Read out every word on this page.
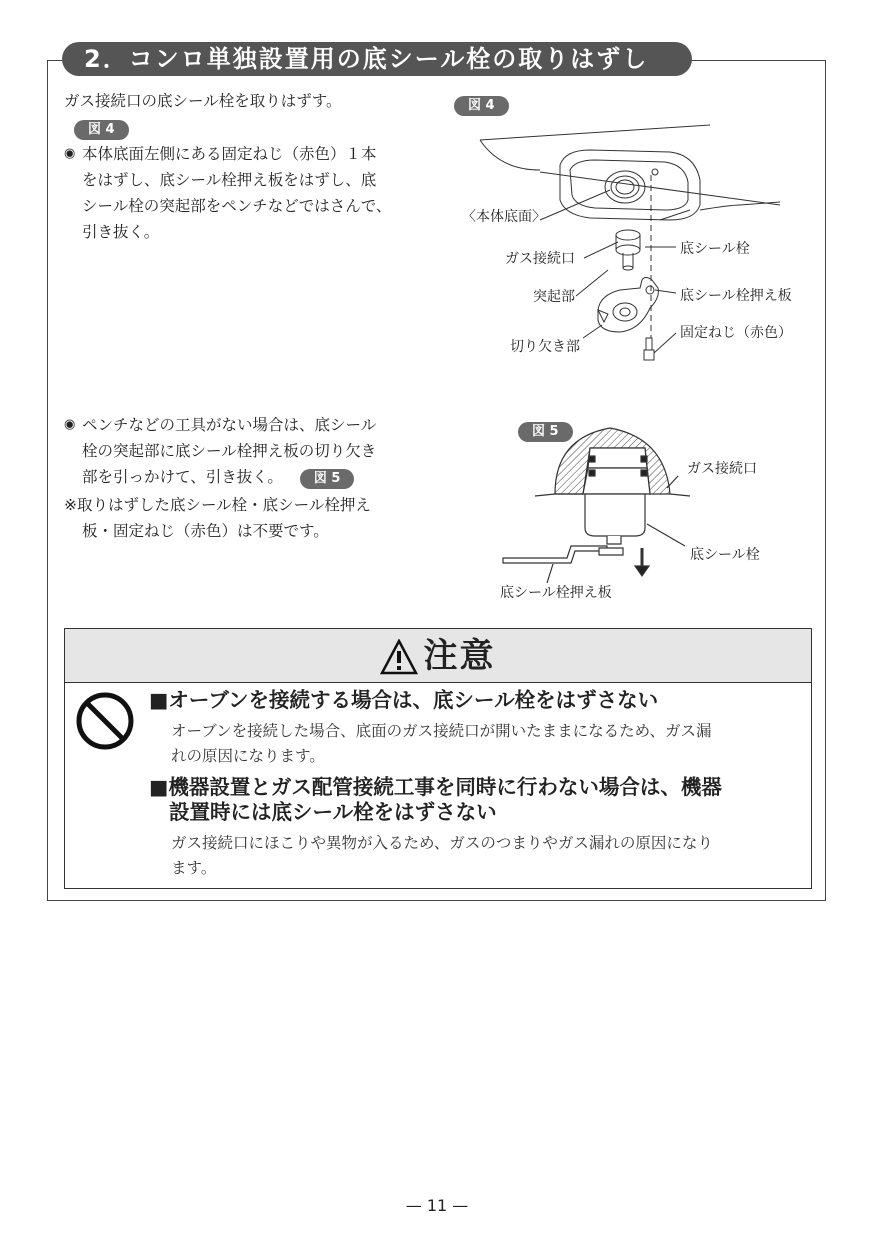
2．コンロ単独設置用の底シール栓の取りはずし
ガス接続口の底シール栓を取りはずす。
図 4
◉ 本体底面左側にある固定ねじ（赤色）１本
をはずし、底シール栓押え板をはずし、底
シール栓の突起部をペンチなどではさんで、
引き抜く。
◉ ペンチなどの工具がない場合は、底シール
栓の突起部に底シール栓押え板の切り欠き
部を引っかけて、引き抜く。 図 5
※取りはずした底シール栓・底シール栓押え
板・固定ねじ（赤色）は不要です。
図 4
〈本体底面〉
ガス接続口
底シール栓
突起部	底シール栓押え板
切り欠き部
固定ねじ（赤色）
図 5
ガス接続口
底シール栓
底シール栓押え板
注意
■オーブンを接続する場合は、底シール栓をはずさない
オーブンを接続した場合、底面のガス接続口が開いたままになるため、ガス漏
れの原因になります。
■機器設置とガス配管接続工事を同時に行わない場合は、機器
設置時には底シール栓をはずさない
ガス接続口にほこりや異物が入るため、ガスのつまりやガス漏れの原因になり
ます。
— 11 —
